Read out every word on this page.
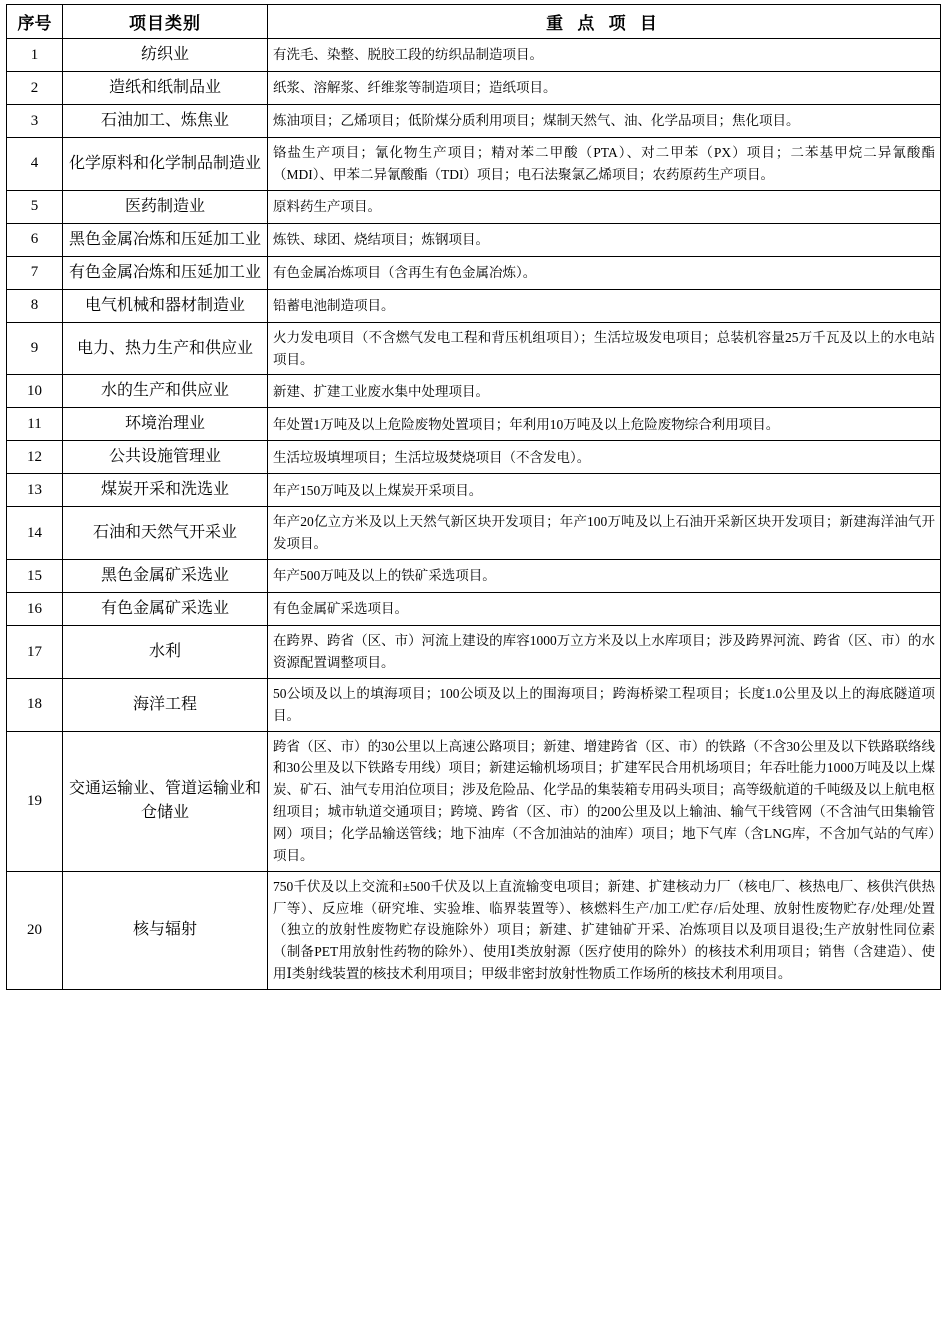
序号	项目类别	重 点 项 目
1	纺织业	有洗毛、染整、脱胶工段的纺织品制造项目。
2	造纸和纸制品业	纸浆、溶解浆、纤维浆等制造项目；造纸项目。
3	石油加工、炼焦业	炼油项目；乙烯项目；低阶煤分质利用项目；煤制天然气、油、化学品项目；焦化项目。
4	化学原料和化学制品制造业	铬盐生产项目；氰化物生产项目；精对苯二甲酸（PTA）、对二甲苯（PX）项目；二苯基甲烷二异氰酸酯（MDI）、甲苯二异氰酸酯（TDI）项目；电石法聚氯乙烯项目；农药原药生产项目。
5	医药制造业	原料药生产项目。
6	黑色金属冶炼和压延加工业	炼铁、球团、烧结项目；炼钢项目。
7	有色金属冶炼和压延加工业	有色金属冶炼项目（含再生有色金属冶炼）。
8	电气机械和器材制造业	铅蓄电池制造项目。
9	电力、热力生产和供应业	火力发电项目（不含燃气发电工程和背压机组项目）；生活垃圾发电项目；总装机容量25万千瓦及以上的水电站项目。
10	水的生产和供应业	新建、扩建工业废水集中处理项目。
11	环境治理业	年处置1万吨及以上危险废物处置项目；年利用10万吨及以上危险废物综合利用项目。
12	公共设施管理业	生活垃圾填埋项目；生活垃圾焚烧项目（不含发电）。
13	煤炭开采和洗选业	年产150万吨及以上煤炭开采项目。
14	石油和天然气开采业	年产20亿立方米及以上天然气新区块开发项目；年产100万吨及以上石油开采新区块开发项目；新建海洋油气开发项目。
15	黑色金属矿采选业	年产500万吨及以上的铁矿采选项目。
16	有色金属矿采选业	有色金属矿采选项目。
17	水利	在跨界、跨省（区、市）河流上建设的库容1000万立方米及以上水库项目；涉及跨界河流、跨省（区、市）的水资源配置调整项目。
18	海洋工程	50公顷及以上的填海项目；100公顷及以上的围海项目；跨海桥梁工程项目；长度1.0公里及以上的海底隧道项目。
19	交通运输业、管道运输业和仓储业	跨省（区、市）的30公里以上高速公路项目；新建、增建跨省（区、市）的铁路（不含30公里及以下铁路联络线和30公里及以下铁路专用线）项目；新建运输机场项目；扩建军民合用机场项目；年吞吐能力1000万吨及以上煤炭、矿石、油气专用泊位项目；涉及危险品、化学品的集装箱专用码头项目；高等级航道的千吨级及以上航电枢纽项目；城市轨道交通项目；跨境、跨省（区、市）的200公里及以上输油、输气干线管网（不含油气田集输管网）项目；化学品输送管线；地下油库（不含加油站的油库）项目；地下气库（含LNG库，不含加气站的气库）项目。
20	核与辐射	750千伏及以上交流和±500千伏及以上直流输变电项目；新建、扩建核动力厂（核电厂、核热电厂、核供汽供热厂等）、反应堆（研究堆、实验堆、临界装置等）、核燃料生产/加工/贮存/后处理、放射性废物贮存/处理/处置（独立的放射性废物贮存设施除外）项目；新建、扩建铀矿开采、冶炼项目以及项目退役;生产放射性同位素（制备PET用放射性药物的除外）、使用Ⅰ类放射源（医疗使用的除外）的核技术利用项目；销售（含建造）、使用Ⅰ类射线装置的核技术利用项目；甲级非密封放射性物质工作场所的核技术利用项目。
